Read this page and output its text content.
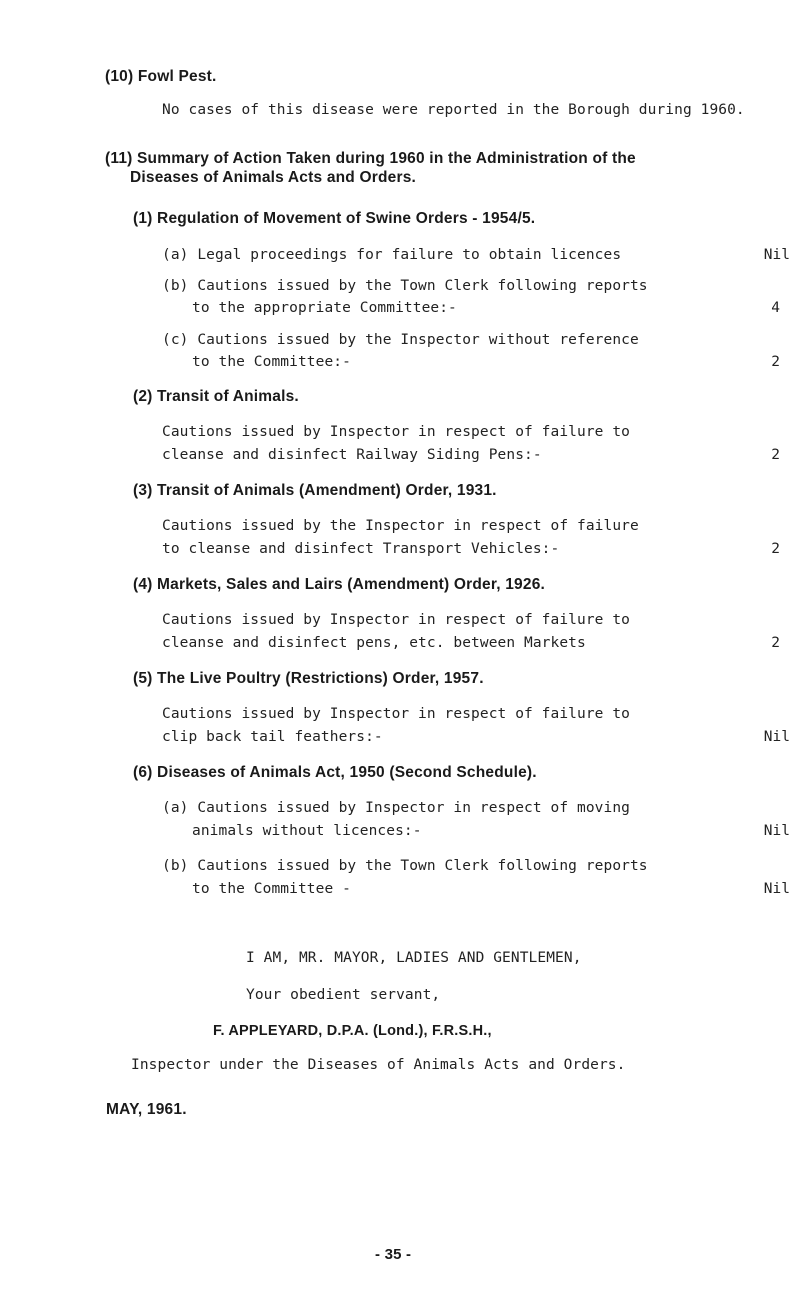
(10) Fowl Pest.
No cases of this disease were reported in the Borough during 1960.
(11) Summary of Action Taken during 1960 in the Administration of the
Diseases of Animals Acts and Orders.
(1) Regulation of Movement of Swine Orders - 1954/5.
(a) Legal proceedings for failure to obtain licences	Nil
(b) Cautions issued by the Town Clerk following reports
to the appropriate Committee:-	4
(c) Cautions issued by the Inspector without reference
to the Committee:-	2
(2) Transit of Animals.
Cautions issued by Inspector in respect of failure to
cleanse and disinfect Railway Siding Pens:-	2
(3) Transit of Animals (Amendment) Order, 1931.
Cautions issued by the Inspector in respect of failure
to cleanse and disinfect Transport Vehicles:-	2
(4) Markets, Sales and Lairs (Amendment) Order, 1926.
Cautions issued by Inspector in respect of failure to
cleanse and disinfect pens, etc. between Markets	2
(5) The Live Poultry (Restrictions) Order, 1957.
Cautions issued by Inspector in respect of failure to
clip back tail feathers:-	Nil
(6) Diseases of Animals Act, 1950 (Second Schedule).
(a) Cautions issued by Inspector in respect of moving
animals without licences:-	Nil
(b) Cautions issued by the Town Clerk following reports
to the Committee -	Nil
I AM, MR. MAYOR, LADIES AND GENTLEMEN,
Your obedient servant,
F. APPLEYARD, D.P.A. (Lond.), F.R.S.H.,
Inspector under the Diseases of Animals Acts and Orders.
MAY, 1961.
- 35 -
